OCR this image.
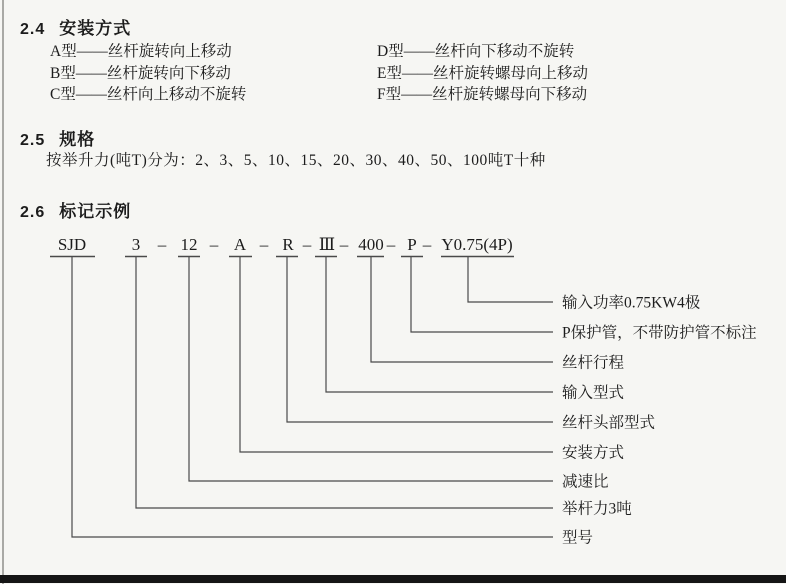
2.4 安装方式
A型——丝杆旋转向上移动
B型——丝杆旋转向下移动
C型——丝杆向上移动不旋转
D型——丝杆向下移动不旋转
E型——丝杆旋转螺母向上移动
F型——丝杆旋转螺母向下移动
2.5 规格
按举升力(吨T)分为：2、3、5、10、15、20、30、40、50、100吨T十种
2.6 标记示例
SJD
型号
3
举杆力3吨
12
减速比
A
安装方式
R
丝杆头部型式
Ⅲ
输入型式
400
丝杆行程
P
P保护管，不带防护管不标注
Y0.75(4P)
输入功率0.75KW4极
–	– – – – – –
